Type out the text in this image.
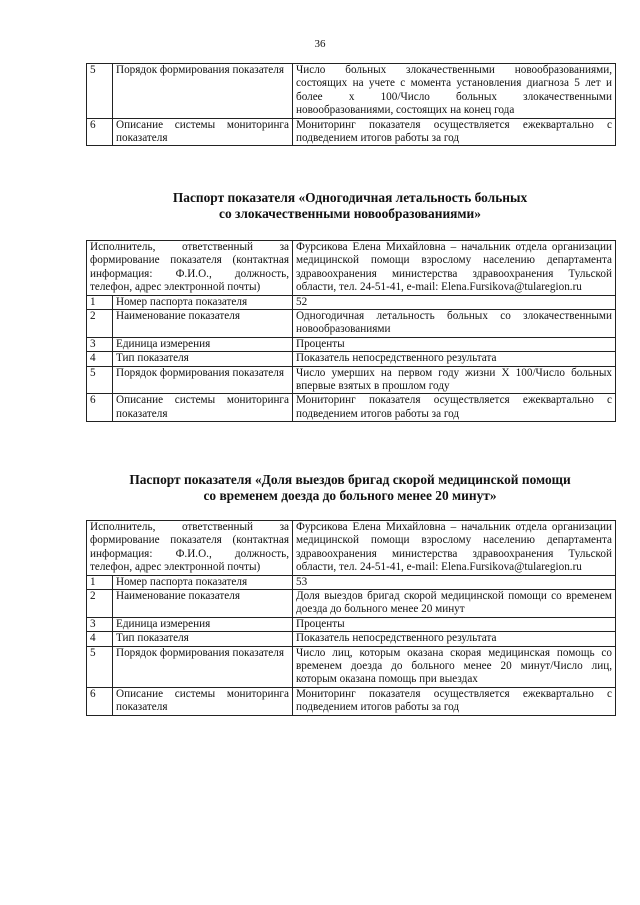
36
5	Порядок формирования показателя	Число больных злокачественными новообразованиями, состоящих на учете с момента установления диагноза 5 лет и более х 100/Число больных злокачественными новообразованиями, состоящих на конец года
6	Описание системы мониторинга показателя	Мониторинг показателя осуществляется ежеквартально с подведением итогов работы за год
Паспорт показателя «Одногодичная летальность больных
со злокачественными новообразованиями»
Исполнитель, ответственный за формирование показателя (контактная информация: Ф.И.О., должность, телефон, адрес электронной почты)		Фурсикова Елена Михайловна – начальник отдела организации медицинской помощи взрослому населению департамента здравоохранения министерства здравоохранения Тульской области, тел. 24-51-41, e-mail: Elena.Fursikova@tularegion.ru
1	Номер паспорта показателя	52
2	Наименование показателя	Одногодичная летальность больных со злокачественными новообразованиями
3	Единица измерения	Проценты
4	Тип показателя	Показатель непосредственного результата
5	Порядок формирования показателя	Число умерших на первом году жизни Х 100/Число больных впервые взятых в прошлом году
6	Описание системы мониторинга показателя	Мониторинг показателя осуществляется ежеквартально с подведением итогов работы за год
Паспорт показателя «Доля выездов бригад скорой медицинской помощи
со временем доезда до больного менее 20 минут»
Исполнитель, ответственный за формирование показателя (контактная информация: Ф.И.О., должность, телефон, адрес электронной почты)		Фурсикова Елена Михайловна – начальник отдела организации медицинской помощи взрослому населению департамента здравоохранения министерства здравоохранения Тульской области, тел. 24-51-41, e-mail: Elena.Fursikova@tularegion.ru
1	Номер паспорта показателя	53
2	Наименование показателя	Доля выездов бригад скорой медицинской помощи со временем доезда до больного менее 20 минут
3	Единица измерения	Проценты
4	Тип показателя	Показатель непосредственного результата
5	Порядок формирования показателя	Число лиц, которым оказана скорая медицинская помощь со временем доезда до больного менее 20 минут/Число лиц, которым оказана помощь при выездах
6	Описание системы мониторинга показателя	Мониторинг показателя осуществляется ежеквартально с подведением итогов работы за год
